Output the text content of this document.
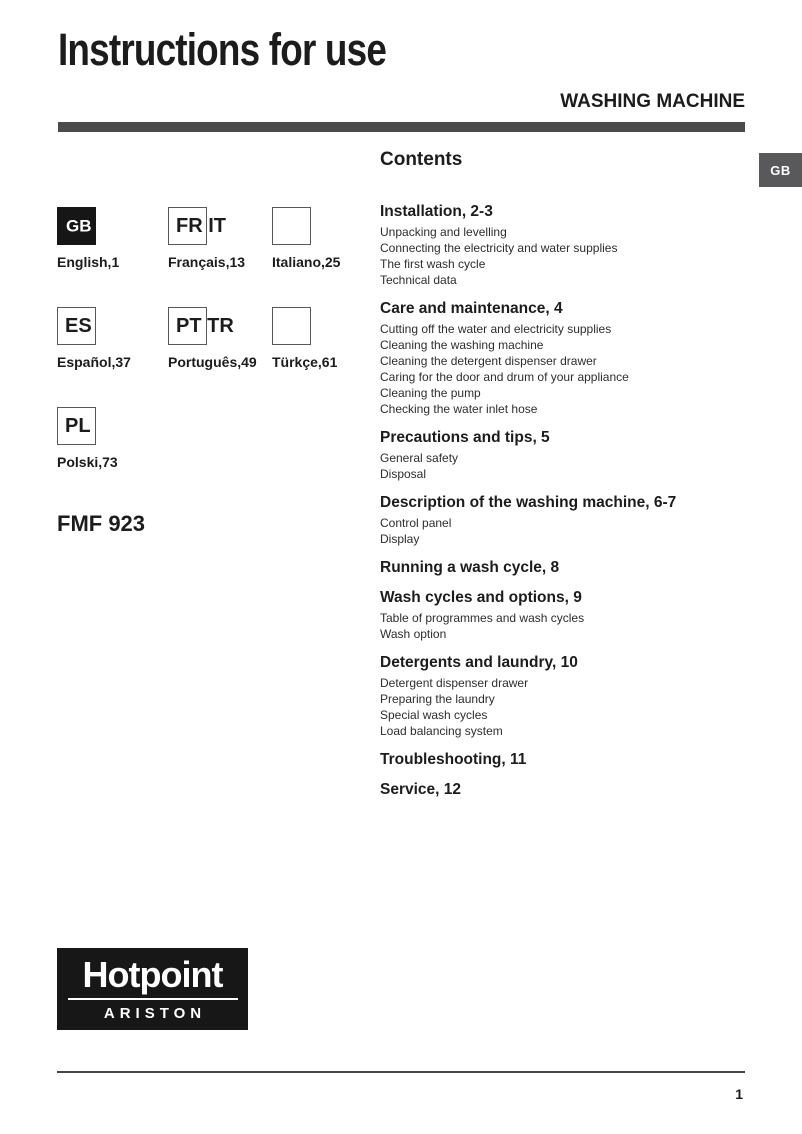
Instructions for use
WASHING MACHINE
GB
GB
English,1
FR IT
Français,13	Italiano,25
ES
Español,37
PT TR
Português,49	Türkçe,61
PL
Polski,73
FMF 923
Contents
Installation, 2-3
Unpacking and levelling
Connecting the electricity and water supplies
The first wash cycle
Technical data
Care and maintenance, 4
Cutting off the water and electricity supplies
Cleaning the washing machine
Cleaning the detergent dispenser drawer
Caring for the door and drum of your appliance
Cleaning the pump
Checking the water inlet hose
Precautions and tips, 5
General safety
Disposal
Description of the washing machine, 6-7
Control panel
Display
Running a wash cycle, 8
Wash cycles and options, 9
Table of programmes and wash cycles
Wash option
Detergents and laundry, 10
Detergent dispenser drawer
Preparing the laundry
Special wash cycles
Load balancing system
Troubleshooting, 11
Service, 12
Hotpoint
ARISTON
1
